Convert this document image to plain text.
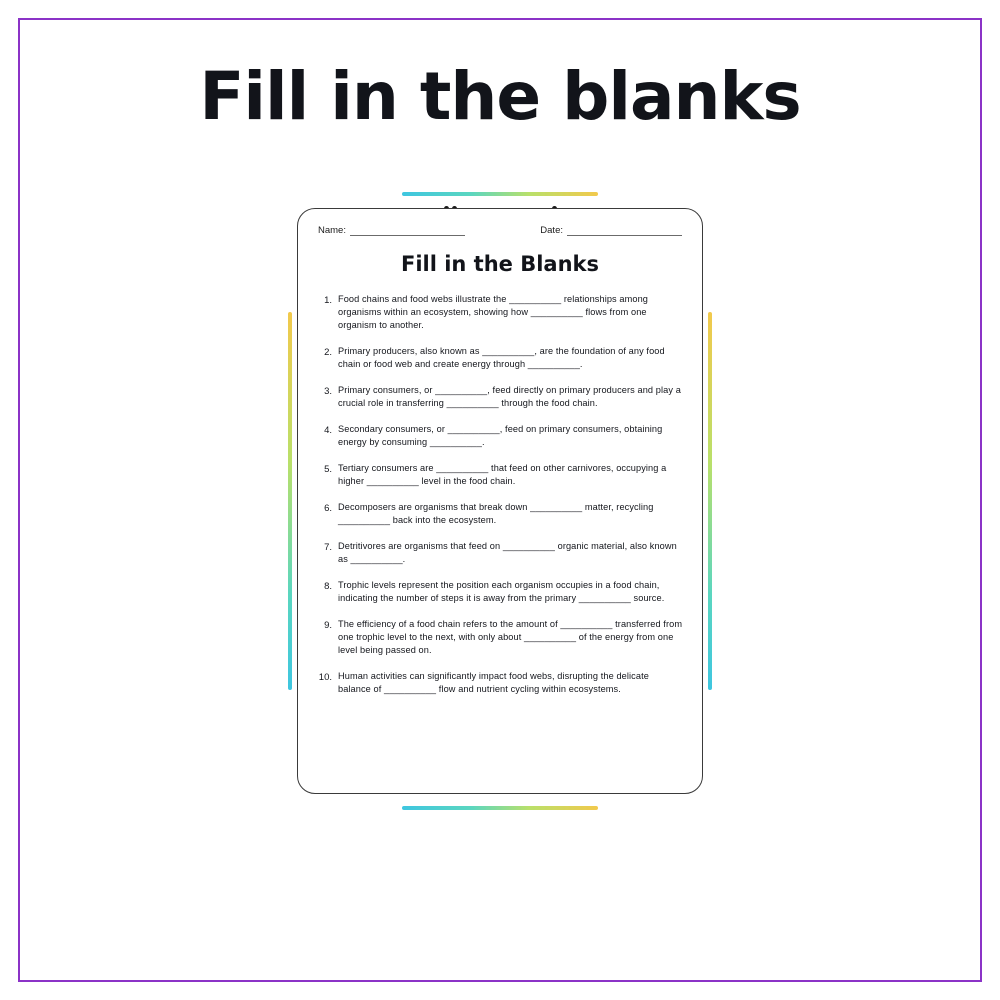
Fill in the blanks
Name:	Date:
Fill in the Blanks
1. Food chains and food webs illustrate the __________ relationships among organisms within an ecosystem, showing how __________ flows from one organism to another.
2. Primary producers, also known as __________, are the foundation of any food chain or food web and create energy through __________.
3. Primary consumers, or __________, feed directly on primary producers and play a crucial role in transferring __________ through the food chain.
4. Secondary consumers, or __________, feed on primary consumers, obtaining energy by consuming __________.
5. Tertiary consumers are __________ that feed on other carnivores, occupying a higher __________ level in the food chain.
6. Decomposers are organisms that break down __________ matter, recycling __________ back into the ecosystem.
7. Detritivores are organisms that feed on __________ organic material, also known as __________.
8. Trophic levels represent the position each organism occupies in a food chain, indicating the number of steps it is away from the primary __________ source.
9. The efficiency of a food chain refers to the amount of __________ transferred from one trophic level to the next, with only about __________ of the energy from one level being passed on.
10. Human activities can significantly impact food webs, disrupting the delicate balance of __________ flow and nutrient cycling within ecosystems.
